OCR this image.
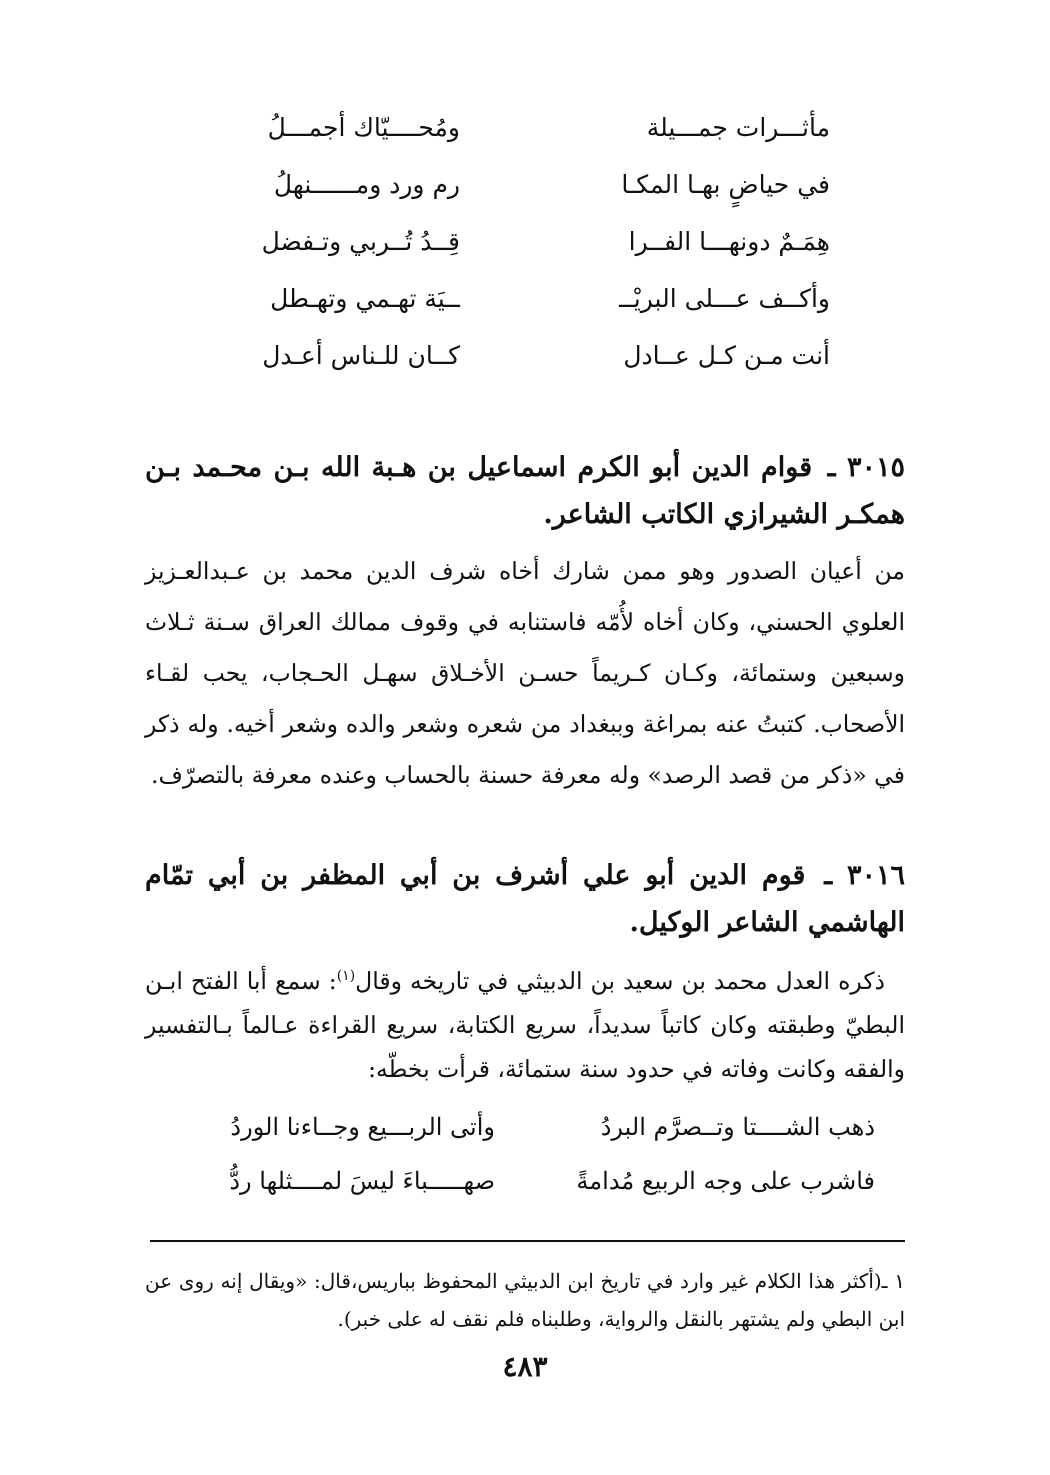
مأثـــرات جمـــيلة
ومُحــــيّاك أجمـــلُ
في حياضٍ بهـا المكـا
رم ورد ومــــــنهلُ
هِمَـمٌ دونهـــا الفــرا
قِــدُ تُــربي وتـفضل
وأكــف عـــلى البريْــ
ــيَة تهـمي وتهـطل
أنت مـن كـل عــادل
كــان للـناس أعـدل
٣٠١٥ ـ قوام الدين أبو الكرم اسماعيل بن هـبة الله بـن محـمد بـن همكـر الشيرازي الكاتب الشاعر.

من أعيان الصدور وهو ممن شارك أخاه شرف الدين محمد بن عـبدالعـزيز العلوي الحسني، وكان أخاه لأُمّه فاستنابه في وقوف ممالك العراق سـنة ثـلاث وسبعين وستمائة، وكـان كـريماً حسـن الأخـلاق سهـل الحـجاب، يحب لقـاء الأصحاب. كتبتُ عنه بمراغة وببغداد من شعره وشعر والده وشعر أخيه. وله ذكر في «ذكر من قصد الرصد» وله معرفة حسنة بالحساب وعنده معرفة بالتصرّف.

٣٠١٦ ـ قوم الدين أبو علي أشرف بن أبي المظفر بن أبي تمّام الهاشمي الشاعر الوكيل.

ذكره العدل محمد بن سعيد بن الدبيثي في تاريخه وقال$^{(١)}$: سمع أبا الفتح ابـن البطيّ وطبقته وكان كاتباً سديداً، سريع الكتابة، سريع القراءة عـالماً بـالتفسير والفقه وكانت وفاته في حدود سنة ستمائة، قرأت بخطّه:

ذهب الشــــتا وتــصرَّم البردُ
وأتى الربـــيع وجــاءنا الوردُ
فاشرب على وجه الربيع مُدامةً
صهـــــباءَ ليسَ لمــــثلها ردُّ

١ ـ(أكثر هذا الكلام غير وارد في تاريخ ابن الدبيثي المحفوظ بباريس،قال: «ويقال إنه روى عن ابن البطي ولم يشتهر بالنقل والرواية، وطلبناه فلم نقف له على خبر).

٤٨٣
